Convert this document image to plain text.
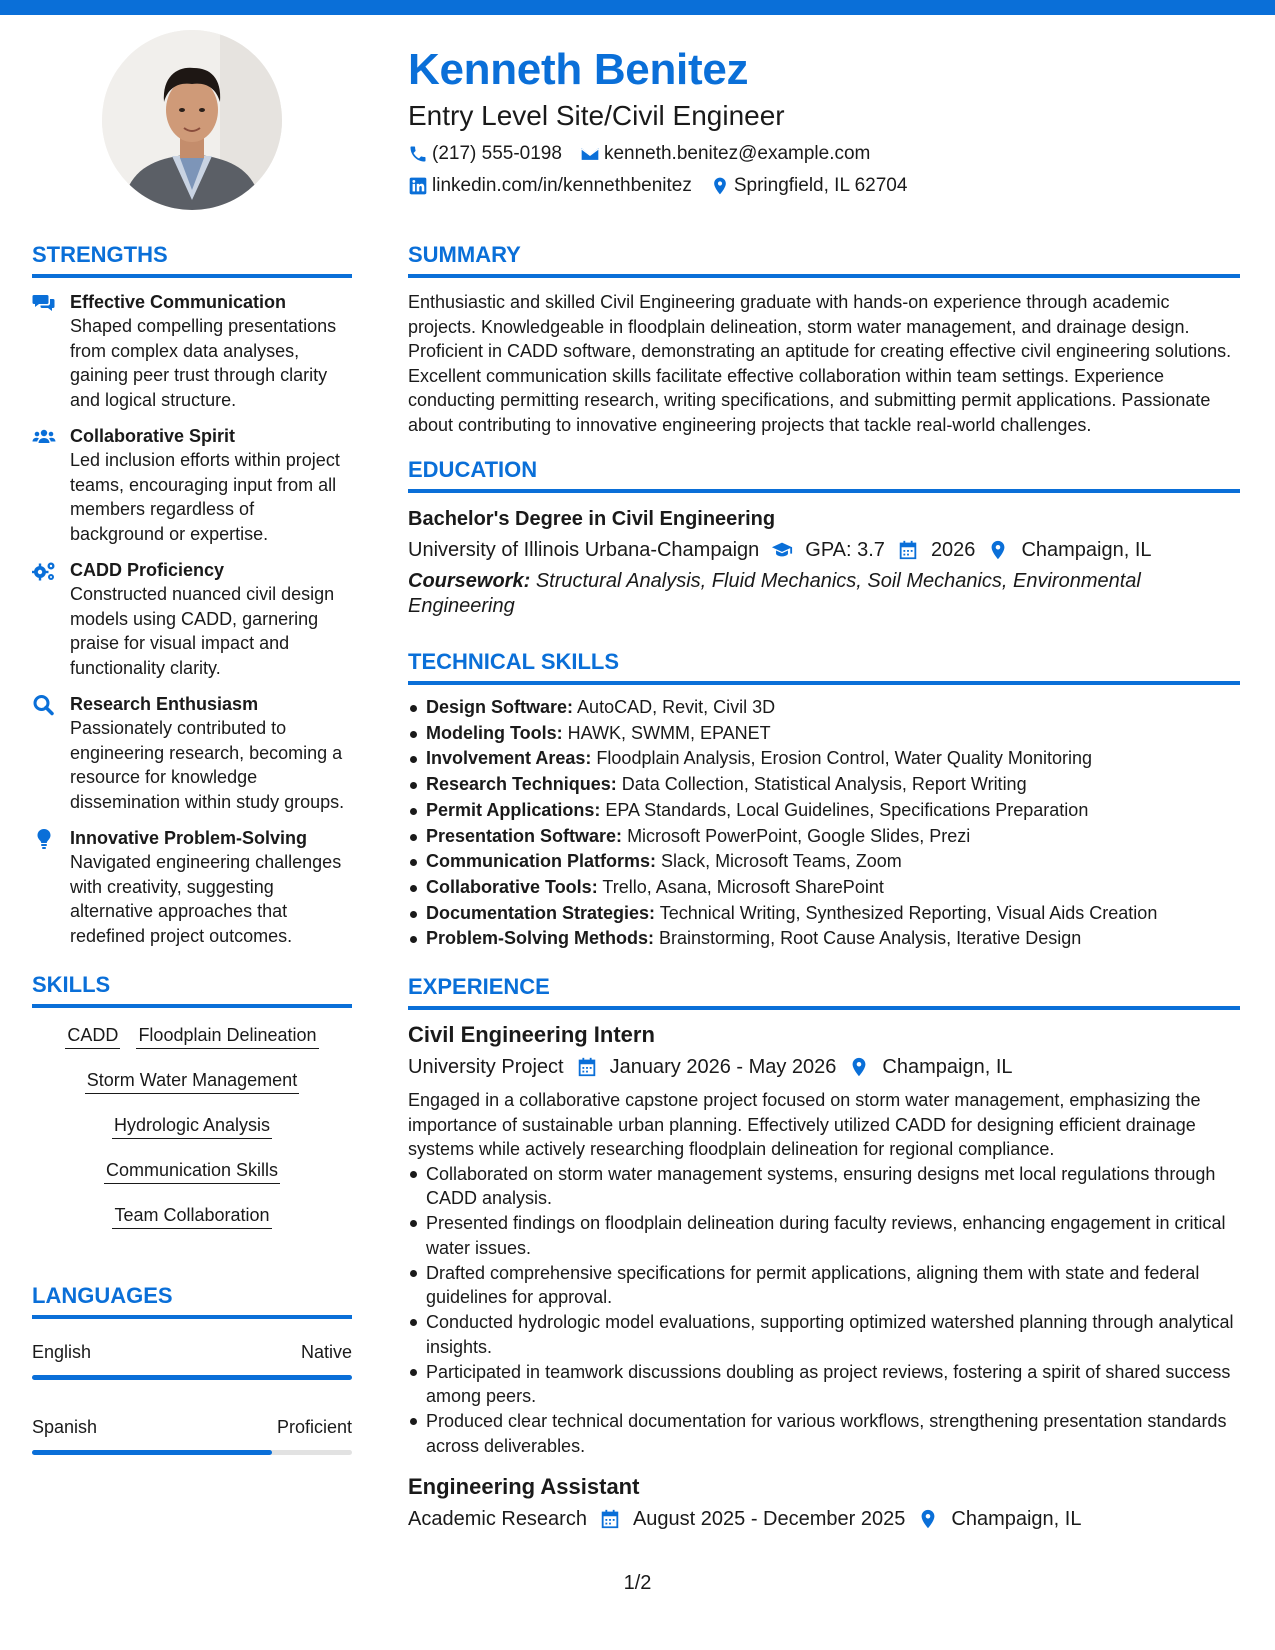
Kenneth Benitez
Entry Level Site/Civil Engineer
(217) 555-0198 kenneth.benitez@example.com
linkedin.com/in/kennethbenitez Springfield, IL 62704
STRENGTHS
Effective Communication
Shaped compelling presentations from complex data analyses, gaining peer trust through clarity and logical structure.
Collaborative Spirit
Led inclusion efforts within project teams, encouraging input from all members regardless of background or expertise.
CADD Proficiency
Constructed nuanced civil design models using CADD, garnering praise for visual impact and functionality clarity.
Research Enthusiasm
Passionately contributed to engineering research, becoming a resource for knowledge dissemination within study groups.
Innovative Problem-Solving
Navigated engineering challenges with creativity, suggesting alternative approaches that redefined project outcomes.
SKILLS
CADD Floodplain Delineation
Storm Water Management
Hydrologic Analysis
Communication Skills
Team Collaboration
LANGUAGES
English	Native
Spanish	Proficient
SUMMARY
Enthusiastic and skilled Civil Engineering graduate with hands-on experience through academic projects. Knowledgeable in floodplain delineation, storm water management, and drainage design. Proficient in CADD software, demonstrating an aptitude for creating effective civil engineering solutions. Excellent communication skills facilitate effective collaboration within team settings. Experience conducting permitting research, writing specifications, and submitting permit applications. Passionate about contributing to innovative engineering projects that tackle real-world challenges.
EDUCATION
Bachelor's Degree in Civil Engineering
University of Illinois Urbana-Champaign GPA: 3.7 2026 Champaign, IL
Coursework: Structural Analysis, Fluid Mechanics, Soil Mechanics, Environmental Engineering
TECHNICAL SKILLS
Design Software: AutoCAD, Revit, Civil 3D
Modeling Tools: HAWK, SWMM, EPANET
Involvement Areas: Floodplain Analysis, Erosion Control, Water Quality Monitoring
Research Techniques: Data Collection, Statistical Analysis, Report Writing
Permit Applications: EPA Standards, Local Guidelines, Specifications Preparation
Presentation Software: Microsoft PowerPoint, Google Slides, Prezi
Communication Platforms: Slack, Microsoft Teams, Zoom
Collaborative Tools: Trello, Asana, Microsoft SharePoint
Documentation Strategies: Technical Writing, Synthesized Reporting, Visual Aids Creation
Problem-Solving Methods: Brainstorming, Root Cause Analysis, Iterative Design
EXPERIENCE
Civil Engineering Intern
University Project January 2026 - May 2026 Champaign, IL
Engaged in a collaborative capstone project focused on storm water management, emphasizing the importance of sustainable urban planning. Effectively utilized CADD for designing efficient drainage systems while actively researching floodplain delineation for regional compliance.
Collaborated on storm water management systems, ensuring designs met local regulations through CADD analysis.
Presented findings on floodplain delineation during faculty reviews, enhancing engagement in critical water issues.
Drafted comprehensive specifications for permit applications, aligning them with state and federal guidelines for approval.
Conducted hydrologic model evaluations, supporting optimized watershed planning through analytical insights.
Participated in teamwork discussions doubling as project reviews, fostering a spirit of shared success among peers.
Produced clear technical documentation for various workflows, strengthening presentation standards across deliverables.
Engineering Assistant
Academic Research August 2025 - December 2025 Champaign, IL
1/2
